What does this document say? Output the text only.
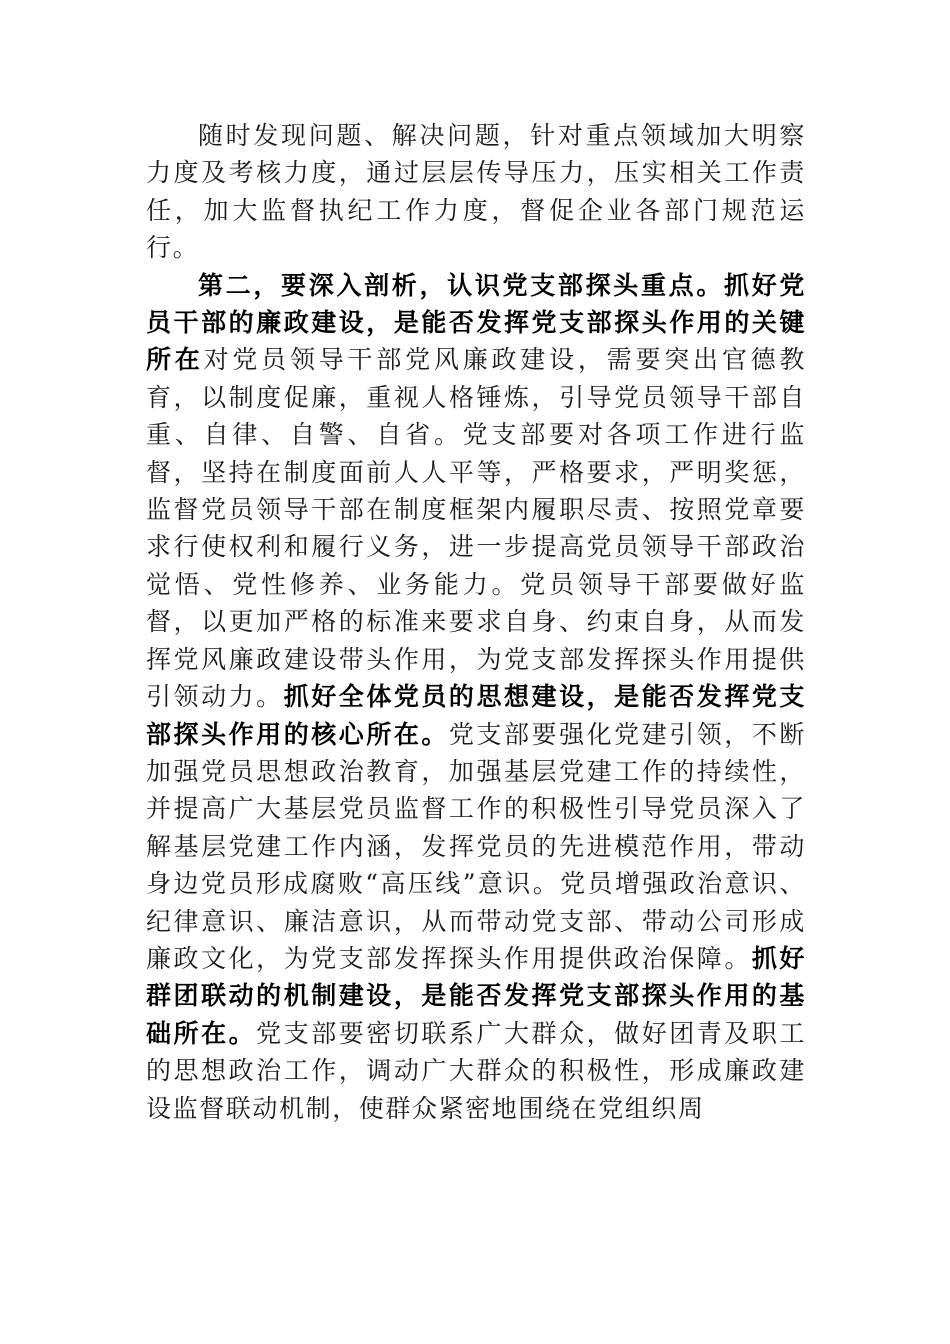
随时发现问题、解决问题，针对重点领域加大明察力度及考核力度，通过层层传导压力，压实相关工作责任，加大监督执纪工作力度，督促企业各部门规范运行。

第二，要深入剖析，认识党支部探头重点。抓好党员干部的廉政建设，是能否发挥党支部探头作用的关键所在对党员领导干部党风廉政建设，需要突出官德教育，以制度促廉，重视人格锤炼，引导党员领导干部自重、自律、自警、自省。党支部要对各项工作进行监督，坚持在制度面前人人平等，严格要求，严明奖惩，监督党员领导干部在制度框架内履职尽责、按照党章要求行使权利和履行义务，进一步提高党员领导干部政治觉悟、党性修养、业务能力。党员领导干部要做好监督，以更加严格的标准来要求自身、约束自身，从而发挥党风廉政建设带头作用，为党支部发挥探头作用提供引领动力。抓好全体党员的思想建设，是能否发挥党支部探头作用的核心所在。党支部要强化党建引领，不断加强党员思想政治教育，加强基层党建工作的持续性，并提高广大基层党员监督工作的积极性引导党员深入了解基层党建工作内涵，发挥党员的先进模范作用，带动身边党员形成腐败“高压线”意识。党员增强政治意识、纪律意识、廉洁意识，从而带动党支部、带动公司形成廉政文化，为党支部发挥探头作用提供政治保障。抓好群团联动的机制建设，是能否发挥党支部探头作用的基础所在。党支部要密切联系广大群众，做好团青及职工的思想政治工作，调动广大群众的积极性，形成廉政建设监督联动机制，使群众紧密地围绕在党组织周
